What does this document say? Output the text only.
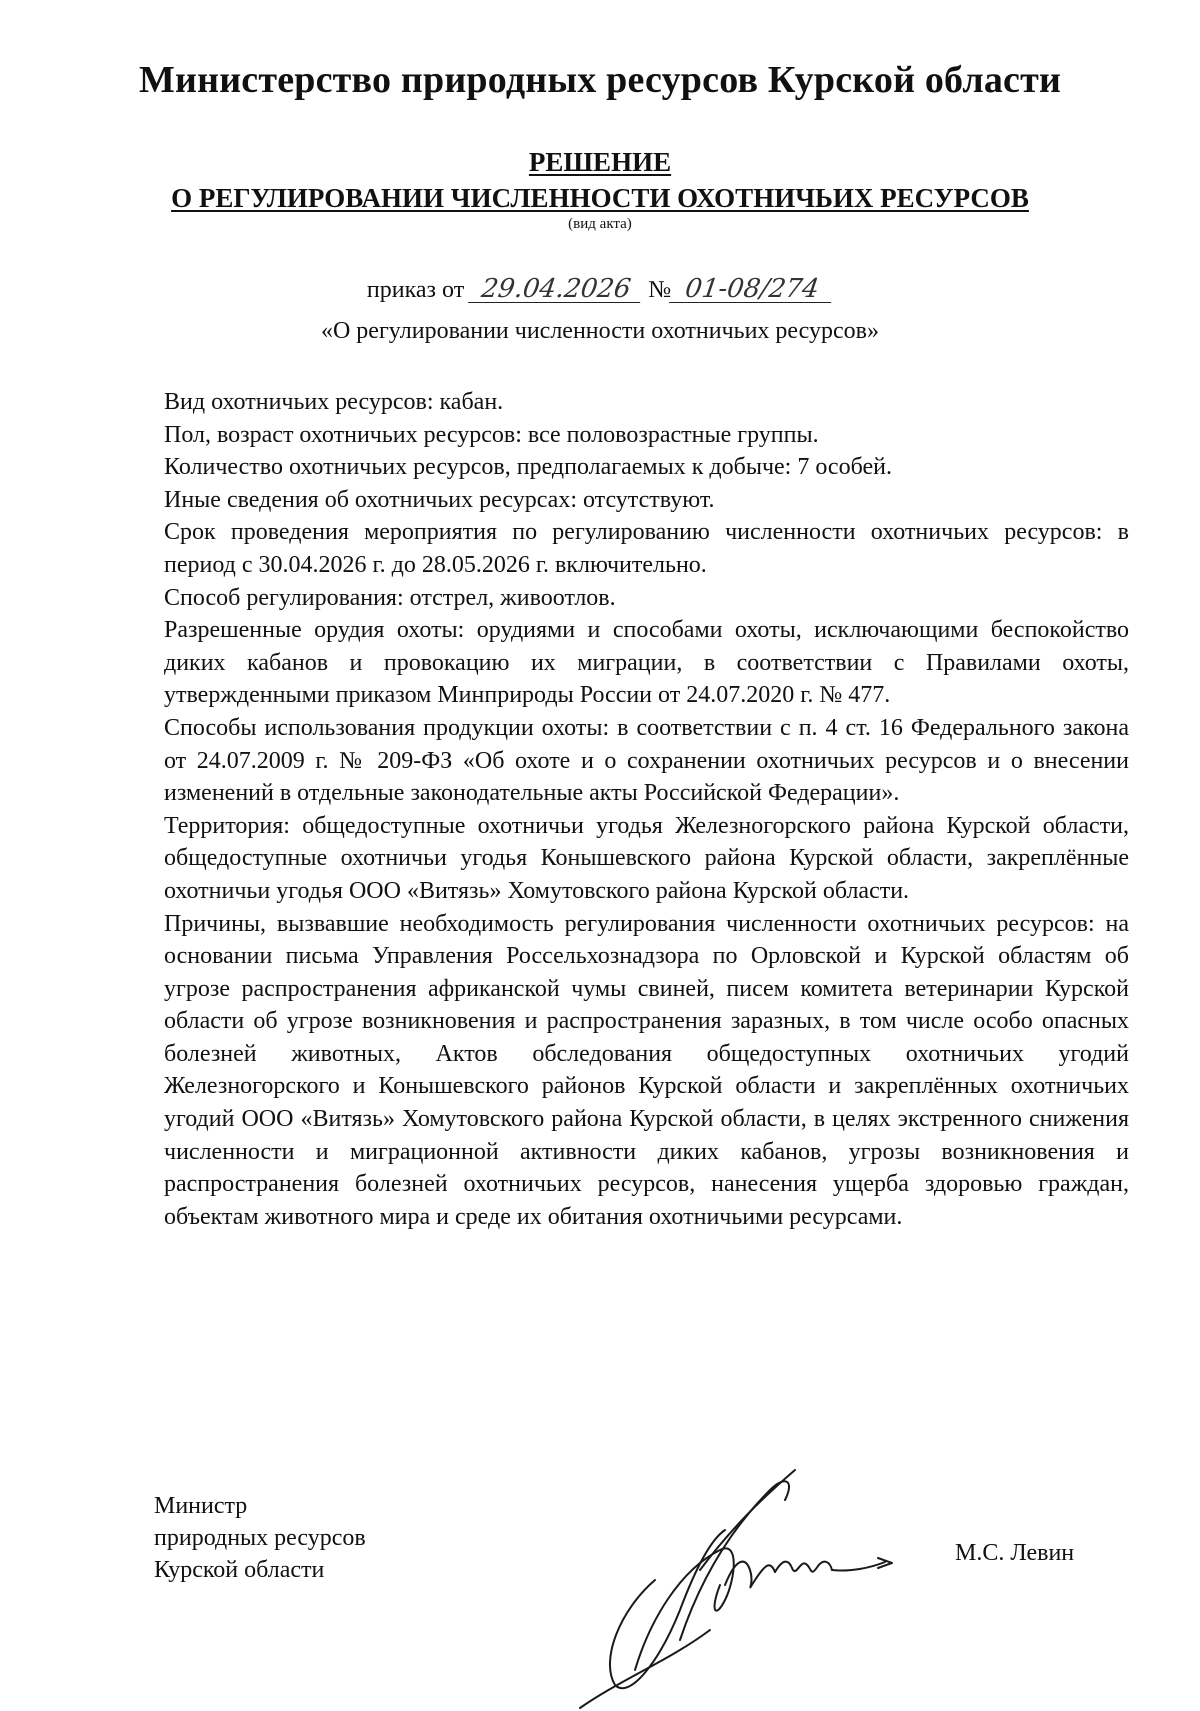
Министерство природных ресурсов Курской области
РЕШЕНИЕ
О РЕГУЛИРОВАНИИ ЧИСЛЕННОСТИ ОХОТНИЧЬИХ РЕСУРСОВ
(вид акта)
приказ от 29.04.2026 № 01-08/274
«О регулировании численности охотничьих ресурсов»

Вид охотничьих ресурсов: кабан.

Пол, возраст охотничьих ресурсов: все половозрастные группы.

Количество охотничьих ресурсов, предполагаемых к добыче: 7 особей.

Иные сведения об охотничьих ресурсах: отсутствуют.

Срок проведения мероприятия по регулированию численности охотничьих ресурсов: в период с 30.04.2026 г. до 28.05.2026 г. включительно.

Способ регулирования: отстрел, живоотлов.

Разрешенные орудия охоты: орудиями и способами охоты, исключающими беспокойство диких кабанов и провокацию их миграции, в соответствии с Правилами охоты, утвержденными приказом Минприроды России от 24.07.2020 г. № 477.

Способы использования продукции охоты: в соответствии с п. 4 ст. 16 Федерального закона от 24.07.2009 г. № 209-ФЗ «Об охоте и о сохранении охотничьих ресурсов и о внесении изменений в отдельные законодательные акты Российской Федерации».

Территория: общедоступные охотничьи угодья Железногорского района Курской области, общедоступные охотничьи угодья Конышевского района Курской области, закреплённые охотничьи угодья ООО «Витязь» Хомутовского района Курской области.

Причины, вызвавшие необходимость регулирования численности охотничьих ресурсов: на основании письма Управления Россельхознадзора по Орловской и Курской областям об угрозе распространения африканской чумы свиней, писем комитета ветеринарии Курской области об угрозе возникновения и распространения заразных, в том числе особо опасных болезней животных, Актов обследования общедоступных охотничьих угодий Железногорского и Конышевского районов Курской области и закреплённых охотничьих угодий ООО «Витязь» Хомутовского района Курской области, в целях экстренного снижения численности и миграционной активности диких кабанов, угрозы возникновения и распространения болезней охотничьих ресурсов, нанесения ущерба здоровью граждан, объектам животного мира и среде их обитания охотничьими ресурсами.

Министр
природных ресурсов
Курской области
М.С. Левин
